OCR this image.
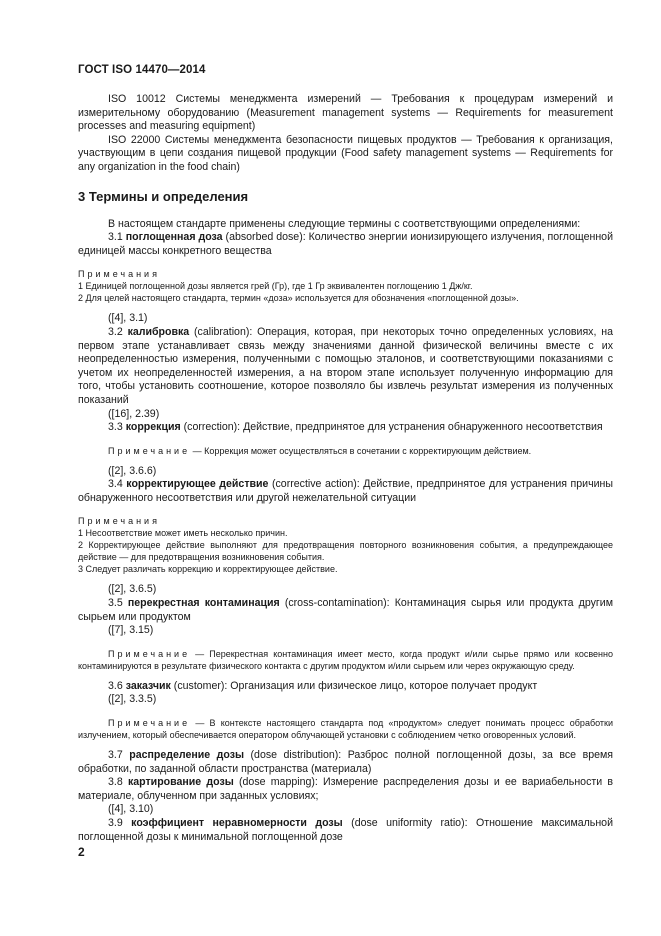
ГОСТ ISO 14470—2014

ISO 10012 Системы менеджмента измерений — Требования к процедурам измерений и измерительному оборудованию (Measurement management systems — Requirements for measurement processes and measuring equipment)

ISO 22000 Системы менеджмента безопасности пищевых продуктов — Требования к организация, участвующим в цепи создания пищевой продукции (Food safety management systems — Requirements for any organization in the food chain)

3 Термины и определения

В настоящем стандарте применены следующие термины с соответствующими определениями:

3.1 поглощенная доза (absorbed dose): Количество энергии ионизирующего излучения, поглощенной единицей массы конкретного вещества

Примечания

1 Единицей поглощенной дозы является грей (Гр), где 1 Гр эквивалентен поглощению 1 Дж/кг.

2 Для целей настоящего стандарта, термин «доза» используется для обозначения «поглощенной дозы».

([4], 3.1)

3.2 калибровка (calibration): Операция, которая, при некоторых точно определенных условиях, на первом этапе устанавливает связь между значениями данной физической величины вместе с их неопределенностью измерения, полученными с помощью эталонов, и соответствующими показаниями с учетом их неопределенностей измерения, а на втором этапе использует полученную информацию для того, чтобы установить соотношение, которое позволяло бы извлечь результат измерения из полученных показаний

([16], 2.39)

3.3 коррекция (correction): Действие, предпринятое для устранения обнаруженного несоответствия

Примечание — Коррекция может осуществляться в сочетании с корректирующим действием.

([2], 3.6.6)

3.4 корректирующее действие (corrective action): Действие, предпринятое для устранения причины обнаруженного несоответствия или другой нежелательной ситуации

Примечания

1 Несоответствие может иметь несколько причин.

2 Корректирующее действие выполняют для предотвращения повторного возникновения события, а предупреждающее действие — для предотвращения возникновения события.

3 Следует различать коррекцию и корректирующее действие.

([2], 3.6.5)

3.5 перекрестная контаминация (cross-contamination): Контаминация сырья или продукта другим сырьем или продуктом

([7], 3.15)

Примечание — Перекрестная контаминация имеет место, когда продукт и/или сырье прямо или косвенно контаминируются в результате физического контакта с другим продуктом и/или сырьем или через окружающую среду.

3.6 заказчик (customer): Организация или физическое лицо, которое получает продукт

([2], 3.3.5)

Примечание — В контексте настоящего стандарта под «продуктом» следует понимать процесс обработки излучением, который обеспечивается оператором облучающей установки с соблюдением четко оговоренных условий.

3.7 распределение дозы (dose distribution): Разброс полной поглощенной дозы, за все время обработки, по заданной области пространства (материала)

3.8 картирование дозы (dose mapping): Измерение распределения дозы и ее вариабельности в материале, облученном при заданных условиях;

([4], 3.10)

3.9 коэффициент неравномерности дозы (dose uniformity ratio): Отношение максимальной поглощенной дозы к минимальной поглощенной дозе

2
